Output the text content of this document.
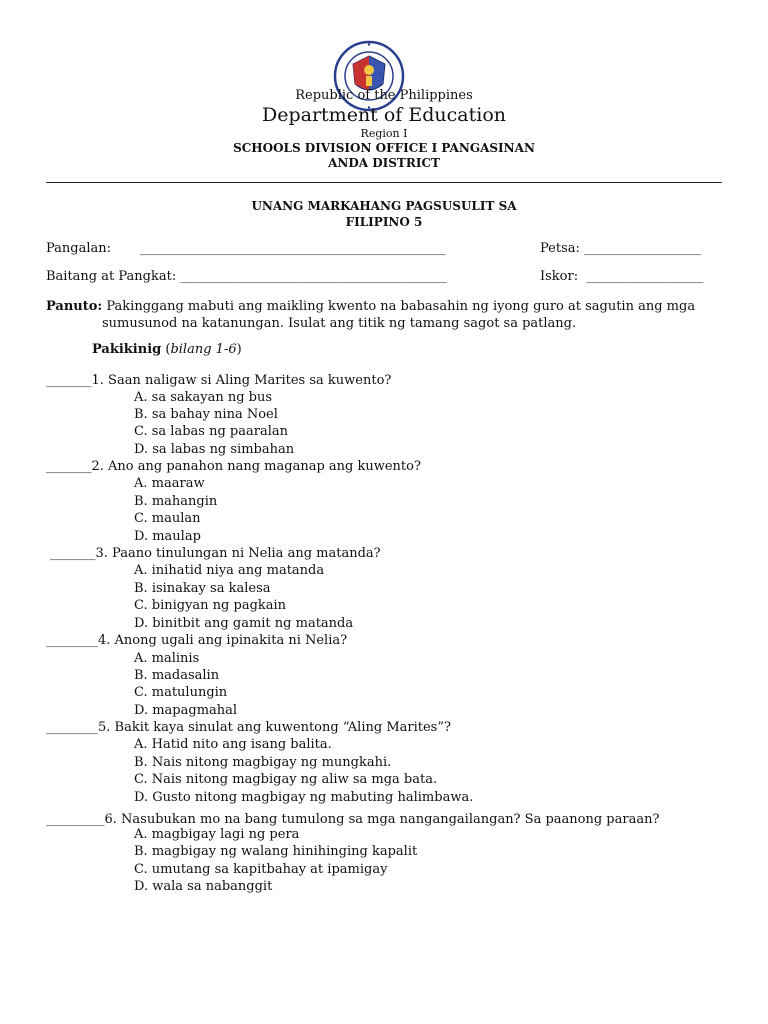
Republic of the Philippines
Department of Education
Region I
SCHOOLS DIVISION OFFICE I PANGASINAN
ANDA DISTRICT
UNANG MARKAHANG PAGSUSULIT SA
FILIPINO 5
Pangalan:       _______________________________________________	Petsa: __________________
Baitang at Pangkat: _________________________________________	Iskor:  __________________
Panuto: Pakinggang mabuti ang maikling kwento na babasahin ng iyong guro at sagutin ang mga
sumusunod na katanungan. Isulat ang titik ng tamang sagot sa patlang.
Pakikinig (bilang 1-6)
_______1. Saan naligaw si Aling Marites sa kuwento?
A. sa sakayan ng bus
B. sa bahay nina Noel
C. sa labas ng paaralan
D. sa labas ng simbahan
_______2. Ano ang panahon nang maganap ang kuwento?
A. maaraw
B. mahangin
C. maulan
D. maulap
_______3. Paano tinulungan ni Nelia ang matanda?
A. inihatid niya ang matanda
B. isinakay sa kalesa
C. binigyan ng pagkain
D. binitbit ang gamit ng matanda
________4. Anong ugali ang ipinakita ni Nelia?
A. malinis
B. madasalin
C. matulungin
D. mapagmahal
________5. Bakit kaya sinulat ang kuwentong “Aling Marites”?
A. Hatid nito ang isang balita.
B. Nais nitong magbigay ng mungkahi.
C. Nais nitong magbigay ng aliw sa mga bata.
D. Gusto nitong magbigay ng mabuting halimbawa.
_________6. Nasubukan mo na bang tumulong sa mga nangangailangan? Sa paanong paraan?
A. magbigay lagi ng pera
B. magbigay ng walang hinihinging kapalit
C. umutang sa kapitbahay at ipamigay
D. wala sa nabanggit
